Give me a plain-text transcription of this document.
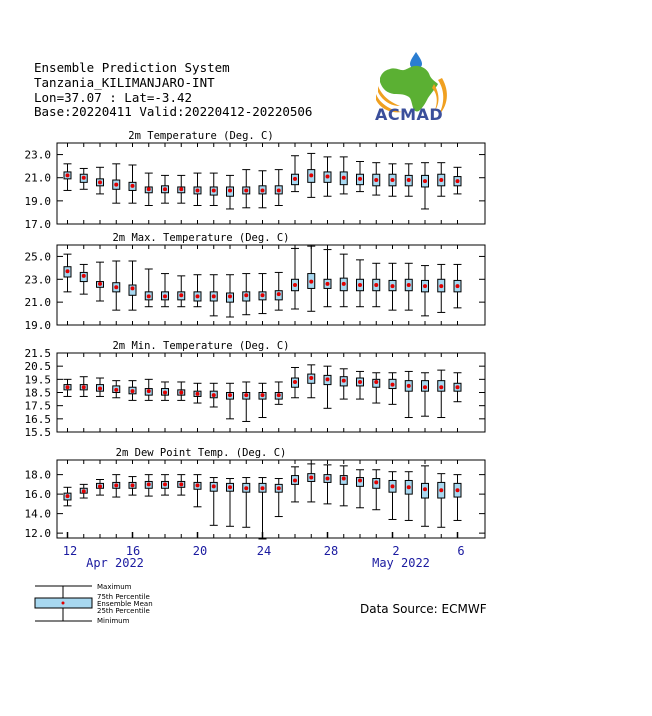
Ensemble Prediction System
Tanzania_KILIMANJARO-INT
Lon=37.07 : Lat=-3.42
Base:20220411 Valid:20220412-20220506	ACMAD
12	16	20	24	28	2	6
Apr 2022	May 2022
23.0
21.0
19.0
17.0
2m Temperature (Deg. C)
25.0
23.0
21.0
19.0
2m Max. Temperature (Deg. C)
21.5
20.5
19.5
18.5
17.5
16.5
15.5
2m Min. Temperature (Deg. C)
18.0
16.0
14.0
12.0
2m Dew Point Temp. (Deg. C)
Maximum
75th Percentile
Ensemble Mean
25th Percentile
Minimum
Data Source: ECMWF
